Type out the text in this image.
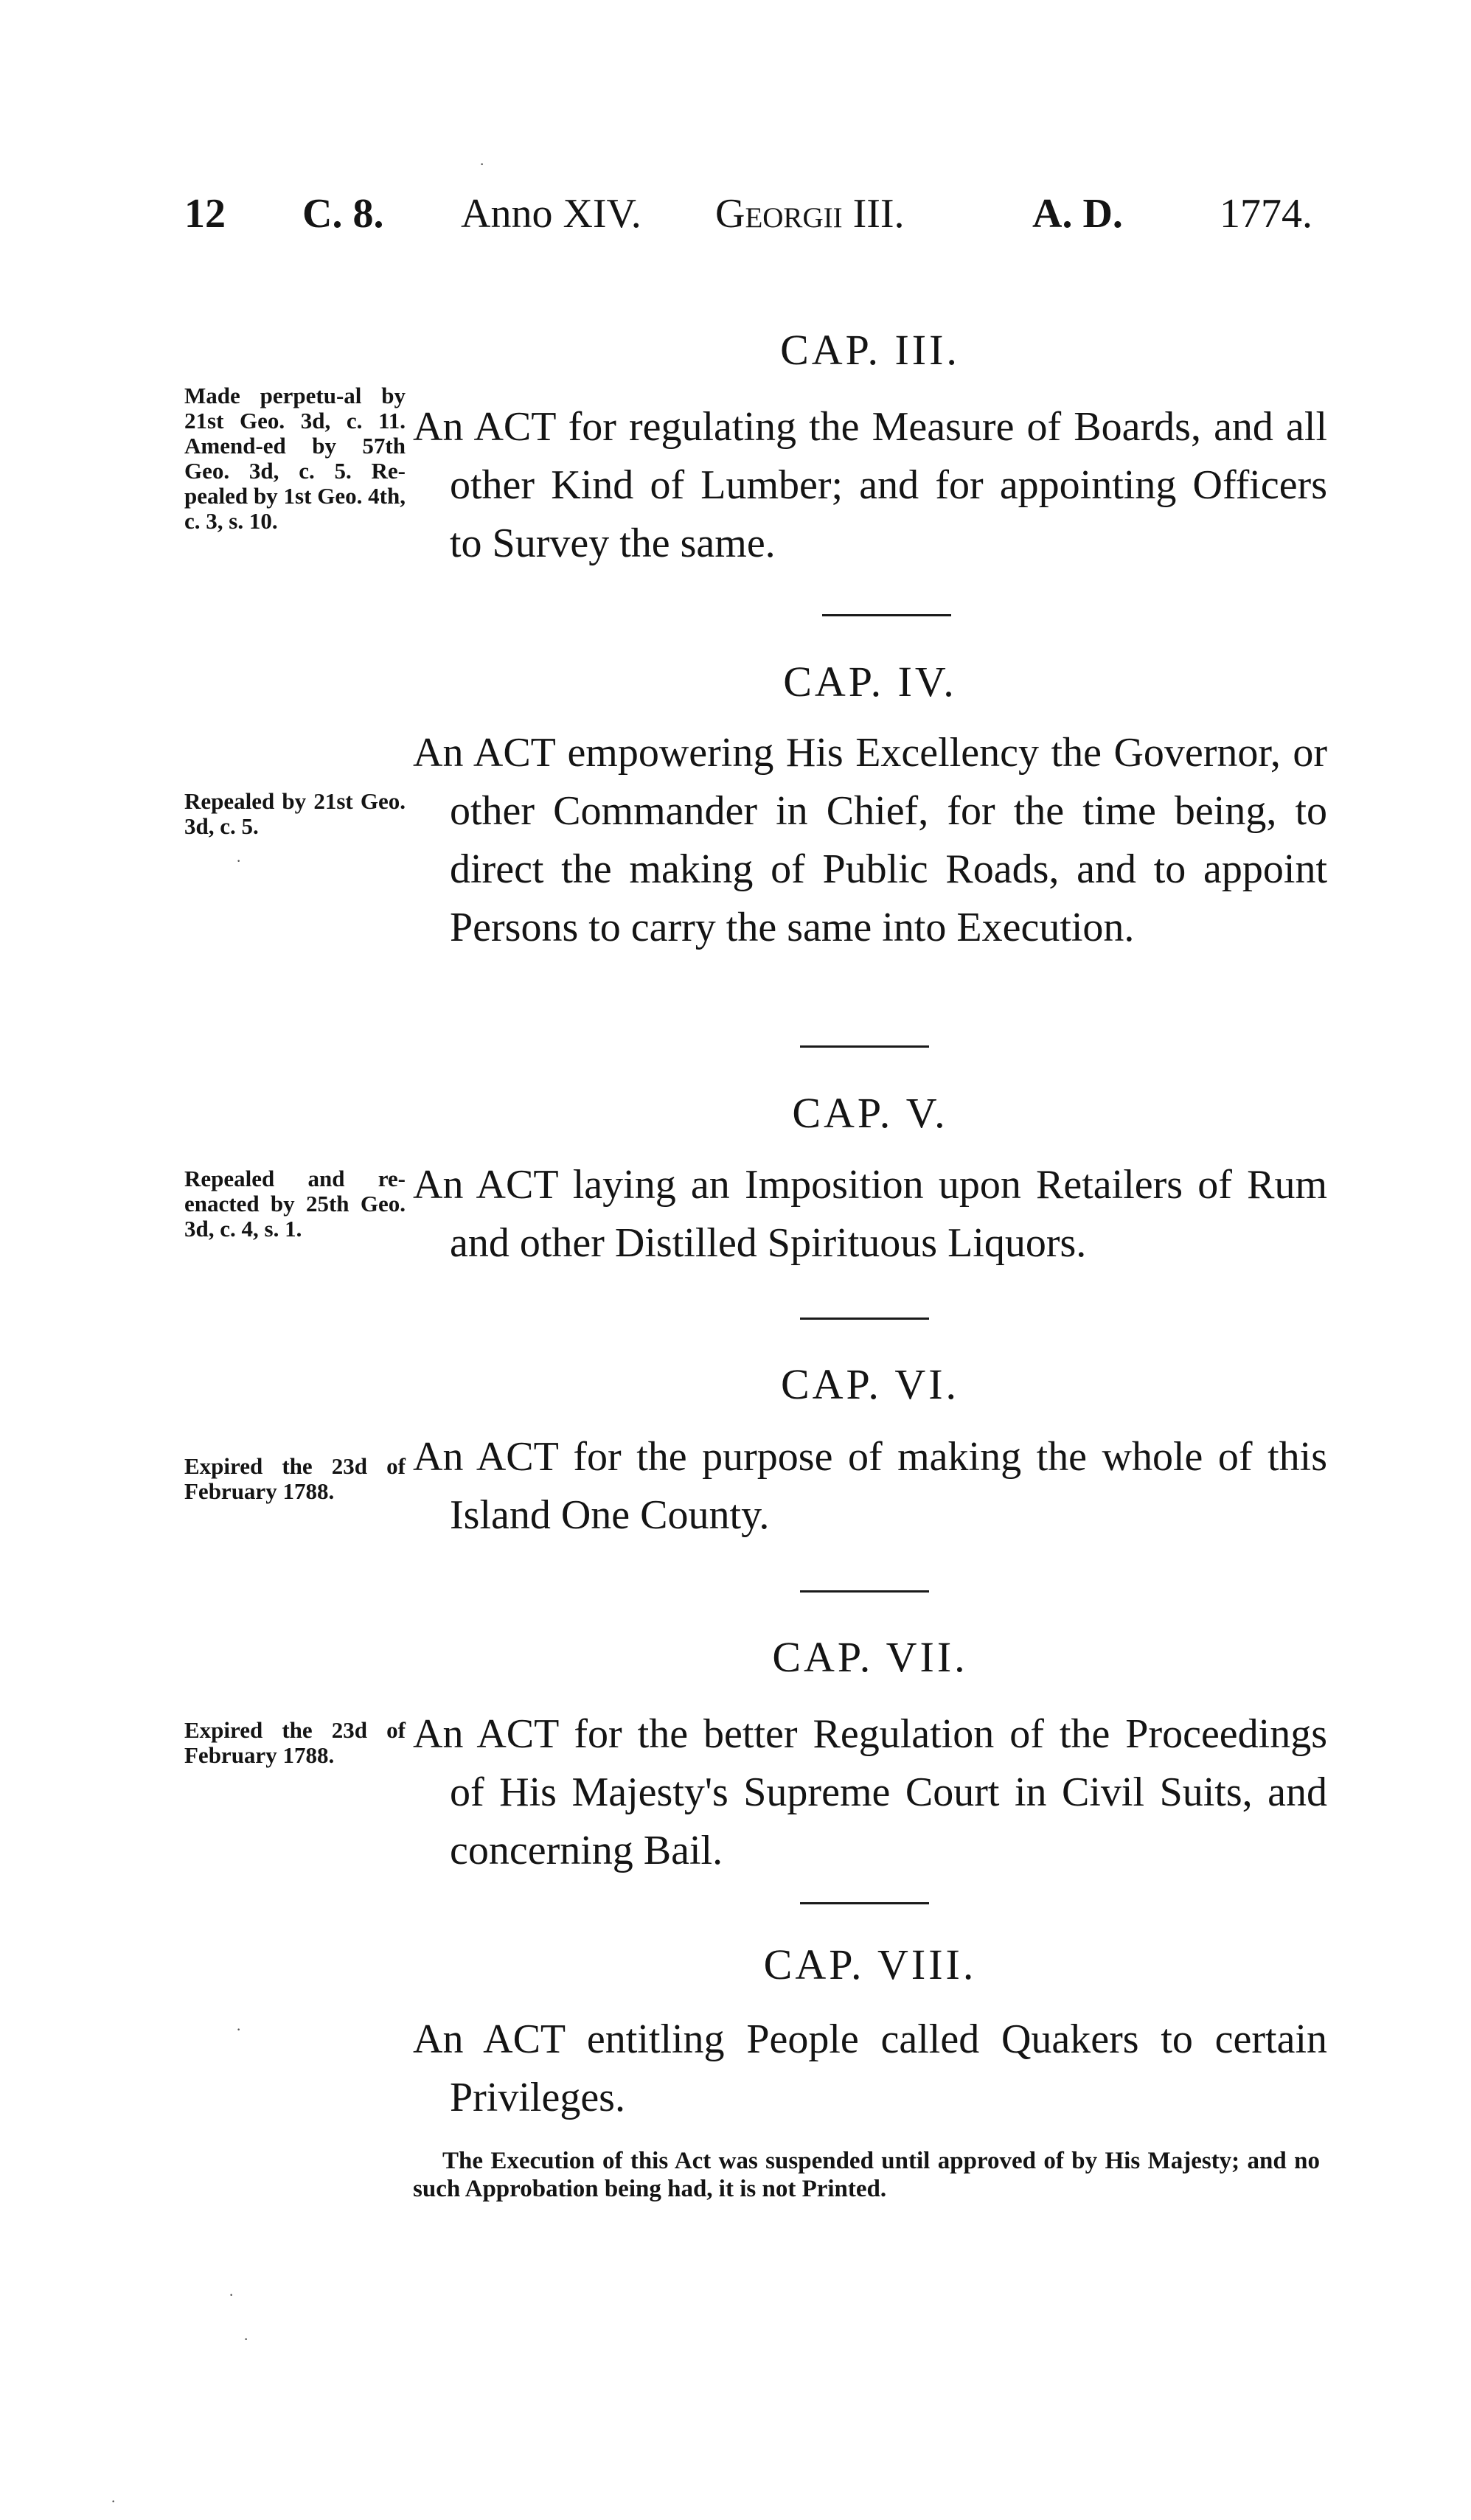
12 C. 8. Anno XIV. Georgii III.	A. D. 1774.
CAP. III.
Made perpetu-al by 21st Geo. 3d, c. 11. Amend-ed by 57th Geo. 3d, c. 5. Re-pealed by 1st Geo. 4th, c. 3, s. 10.
An ACT for regulating the Measure of Boards, and all other Kind of Lumber; and for appointing Officers to Survey the same.
CAP. IV.
Repealed by 21st Geo. 3d, c. 5.
An ACT empowering His Excellency the Governor, or other Commander in Chief, for the time being, to direct the making of Public Roads, and to appoint Persons to carry the same into Execution.
CAP. V.
Repealed and re-enacted by 25th Geo. 3d, c. 4, s. 1.
An ACT laying an Imposition upon Retailers of Rum and other Distilled Spirituous Liquors.
CAP. VI.
Expired the 23d of February 1788.
An ACT for the purpose of making the whole of this Island One County.
CAP. VII.
Expired the 23d of February 1788.	An ACT for the better Regulation of the Proceedings of His Majesty's Supreme Court in Civil Suits, and concerning Bail.
CAP. VIII.
An ACT entitling People called Quakers to certain Privileges.
The Execution of this Act was suspended until approved of by His Majesty; and no such Approbation being had, it is not Printed.
·
·
·
·
·
·
